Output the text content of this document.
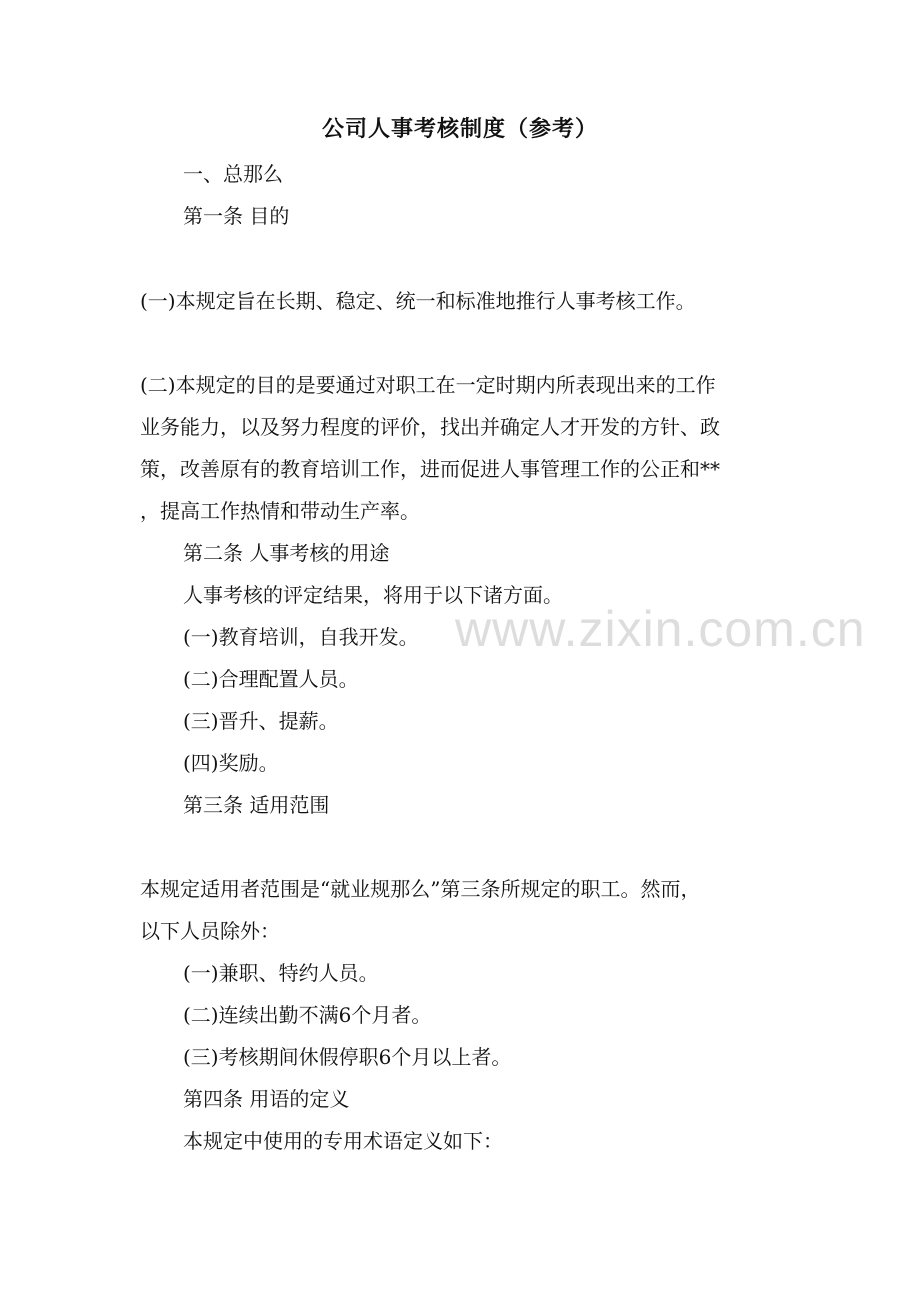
公司人事考核制度（参考）
一、总那么
第一条 目的
(一)本规定旨在长期、稳定、统一和标准地推行人事考核工作。
(二)本规定的目的是要通过对职工在一定时期内所表现出来的工作
业务能力，以及努力程度的评价，找出并确定人才开发的方针、政
策，改善原有的教育培训工作，进而促进人事管理工作的公正和**
，提高工作热情和带动生产率。
第二条 人事考核的用途
人事考核的评定结果，将用于以下诸方面。
(一)教育培训，自我开发。
(二)合理配置人员。
(三)晋升、提薪。
(四)奖励。
第三条 适用范围
本规定适用者范围是“就业规那么”第三条所规定的职工。然而，
以下人员除外：
(一)兼职、特约人员。
(二)连续出勤不满6个月者。
(三)考核期间休假停职6个月以上者。
第四条 用语的定义
本规定中使用的专用术语定义如下：
www.zixin.com.cn
